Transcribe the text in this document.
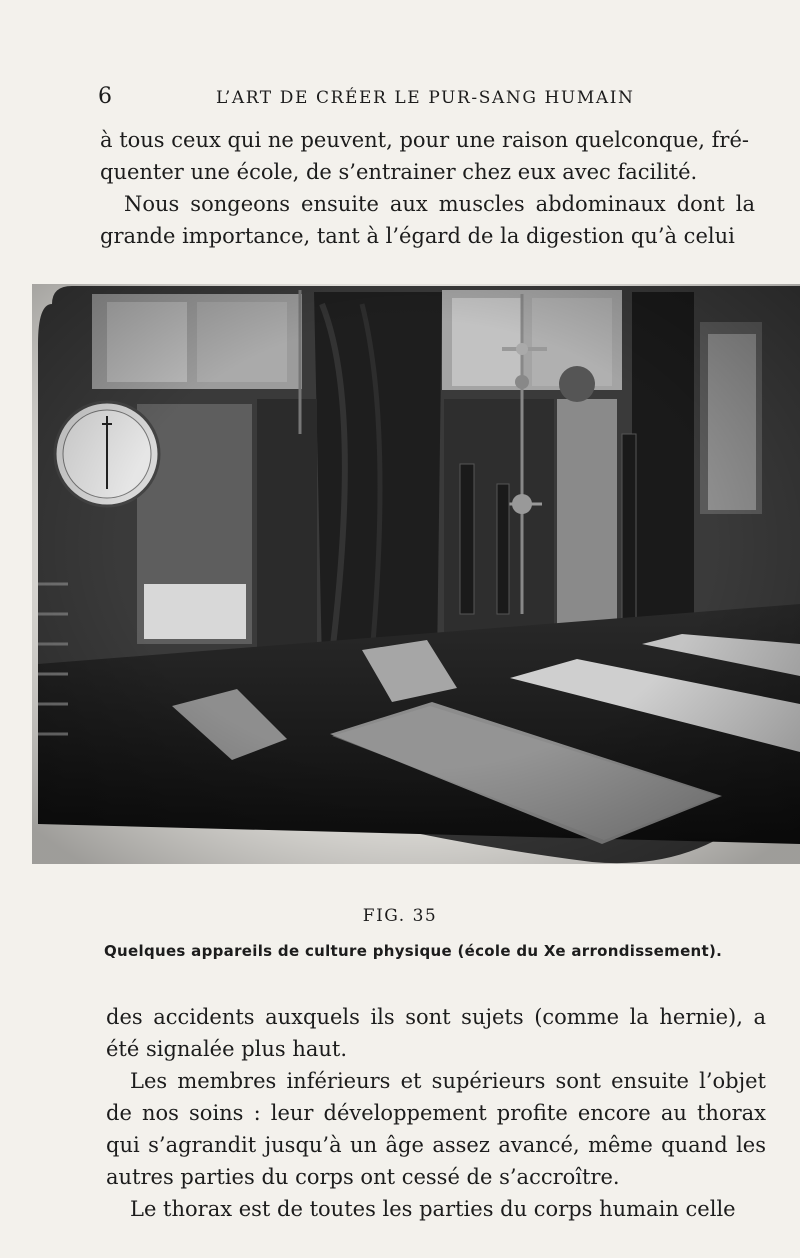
6	L’ART DE CRÉER LE PUR-SANG HUMAIN

à tous ceux qui ne peuvent, pour une raison quelconque, fré-

quenter une école, de s’entrainer chez eux avec facilité.

Nous songeons ensuite aux muscles abdominaux dont la grande importance, tant à l’égard de la digestion qu’à celui

FIG. 35
Quelques appareils de culture physique (école du Xe arrondissement).

des accidents auxquels ils sont sujets (comme la hernie), a été signalée plus haut.

Les membres inférieurs et supérieurs sont ensuite l’objet de nos soins : leur développement profite encore au thorax qui s’agrandit jusqu’à un âge assez avancé, même quand les autres parties du corps ont cessé de s’accroître.

Le thorax est de toutes les parties du corps humain celle
